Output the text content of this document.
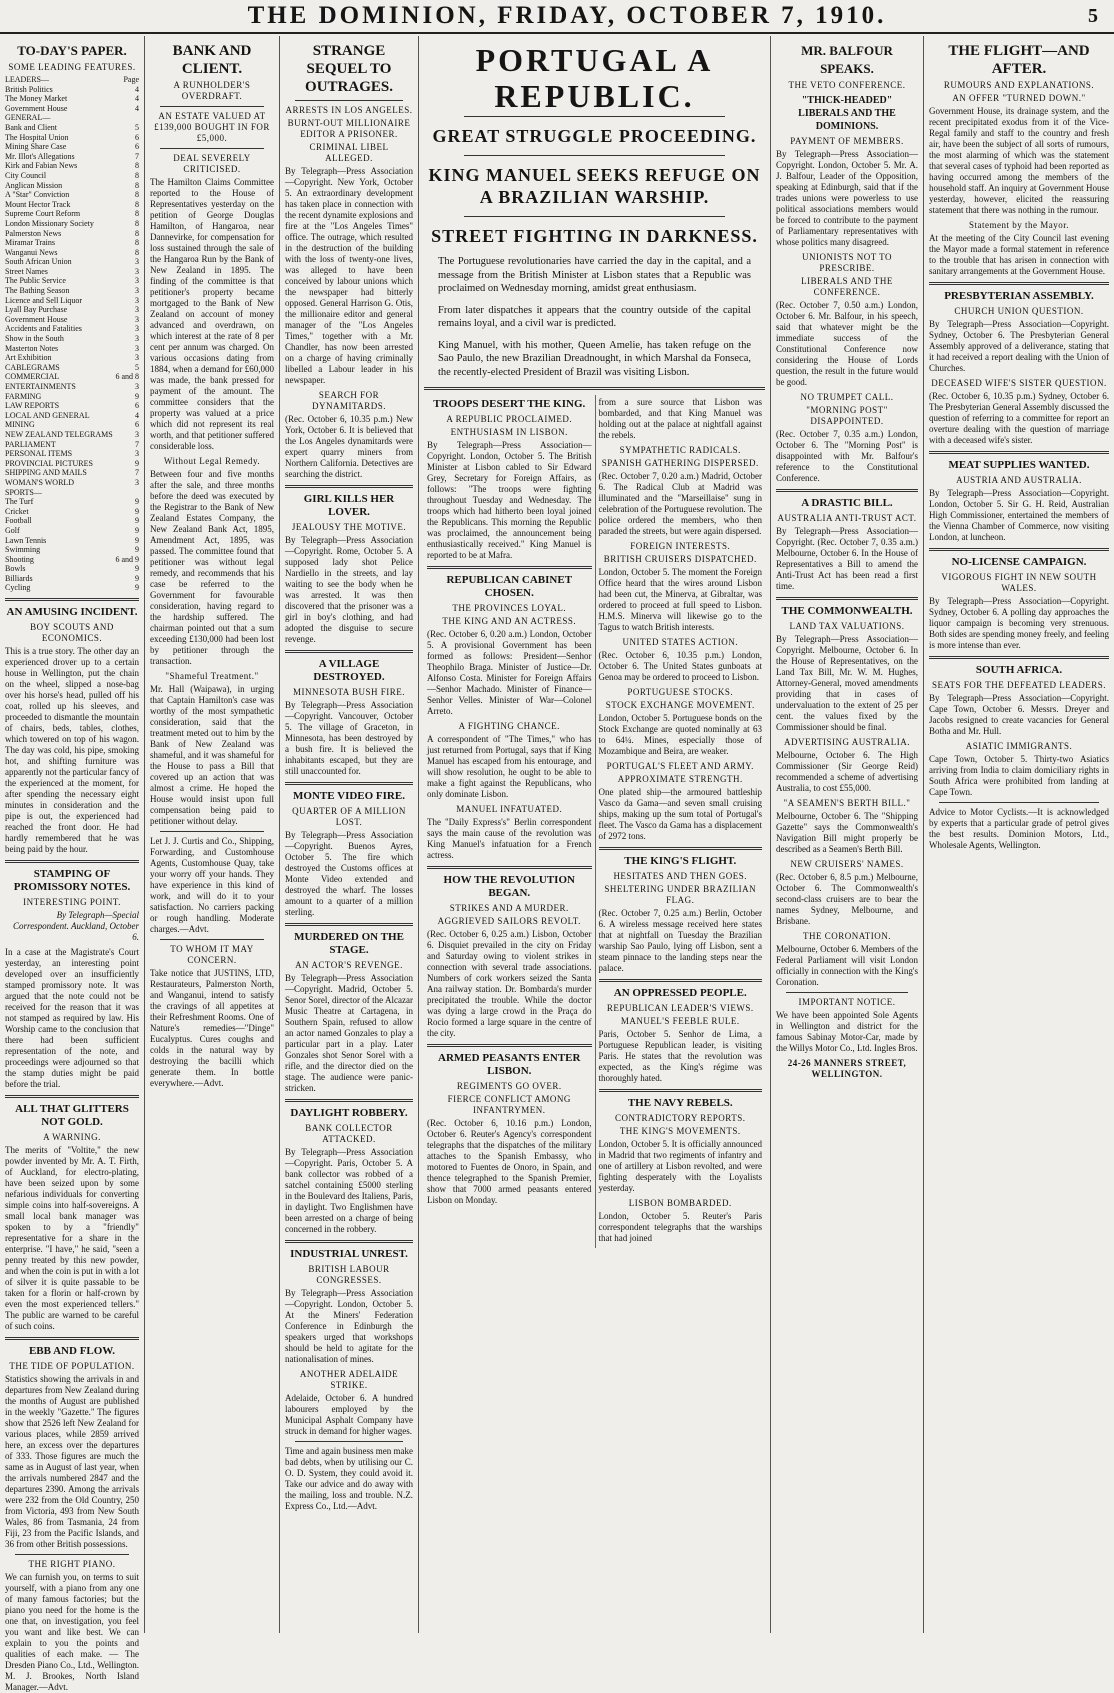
THE DOMINION, FRIDAY, OCTOBER 7, 1910.	5
TO-DAY'S PAPER.
SOME LEADING FEATURES.
LEADERS—	Page
British Politics	4
The Money Market	4
Government House	4
GENERAL—
Bank and Client	5
The Hospital Union	6
Mining Share Case	6
Mr. Illot's Allegations	7
Kirk and Fabian News	8
City Council	8
Anglican Mission	8
A "Star" Conviction	8
Mount Hector Track	8
Supreme Court Reform	8
London Missionary Society	8
Palmerston News	8
Miramar Trains	8
Wanganui News	8
South African Union	3
Street Names	3
The Public Service	3
The Bathing Season	3
Licence and Sell Liquor	3
Lyall Bay Purchase	3
Government House	3
Accidents and Fatalities	3
Show in the South	3
Masterton Notes	3
Art Exhibition	3
CABLEGRAMS	5
COMMERCIAL	6 and 8
ENTERTAINMENTS	3
FARMING	9
LAW REPORTS	6
LOCAL AND GENERAL	4
MINING	6
NEW ZEALAND TELEGRAMS	3
PARLIAMENT	7
PERSONAL ITEMS	3
PROVINCIAL PICTURES	9
SHIPPING AND MAILS	7
WOMAN'S WORLD	3
SPORTS—
The Turf	9
Cricket	9
Football	9
Golf	9
Lawn Tennis	9
Swimming	9
Shooting	6 and 9
Bowls	9
Billiards	9
Cycling	9
AN AMUSING INCIDENT.
BOY SCOUTS AND ECONOMICS.
This is a true story. The other day an experienced drover up to a certain house in Wellington, put the chain on the wheel, slipped a nose-bag over his horse's head, pulled off his coat, rolled up his sleeves, and proceeded to dismantle the mountain of chairs, beds, tables, clothes, which towered on top of his wagon. The day was cold, his pipe, smoking hot, and shifting furniture was apparently not the particular fancy of the experienced at the moment, for after spending the necessary eight minutes in consideration and the pipe is out, the experienced had reached the front door. He had hardly remembered that he was being paid by the hour.
STAMPING OF PROMISSORY NOTES.
INTERESTING POINT.
By Telegraph—Special Correspondent. Auckland, October 6.
In a case at the Magistrate's Court yesterday, an interesting point developed over an insufficiently stamped promissory note. It was argued that the note could not be received for the reason that it was not stamped as required by law. His Worship came to the conclusion that there had been sufficient representation of the note, and proceedings were adjourned so that the stamp duties might be paid before the trial.
ALL THAT GLITTERS NOT GOLD.
A WARNING.
The merits of "Voltite," the new powder invented by Mr. A. T. Firth, of Auckland, for electro-plating, have been seized upon by some nefarious individuals for converting simple coins into half-sovereigns. A small local bank manager was spoken to by a "friendly" representative for a share in the enterprise. "I have," he said, "seen a penny treated by this new powder, and when the coin is put in with a lot of silver it is quite passable to be taken for a florin or half-crown by even the most experienced tellers." The public are warned to be careful of such coins.
EBB AND FLOW.
THE TIDE OF POPULATION.
Statistics showing the arrivals in and departures from New Zealand during the months of August are published in the weekly "Gazette." The figures show that 2526 left New Zealand for various places, while 2859 arrived here, an excess over the departures of 333. Those figures are much the same as in August of last year, when the arrivals numbered 2847 and the departures 2390. Among the arrivals were 232 from the Old Country, 250 from Victoria, 493 from New South Wales, 86 from Tasmania, 24 from Fiji, 23 from the Pacific Islands, and 36 from other British possessions.
THE RIGHT PIANO.
We can furnish you, on terms to suit yourself, with a piano from any one of many famous factories; but the piano you need for the home is the one that, on investigation, you feel you want and like best. We can explain to you the points and qualities of each make. — The Dresden Piano Co., Ltd., Wellington. M. J. Brookes, North Island Manager.—Advt.
BANK AND CLIENT.
A RUNHOLDER'S OVERDRAFT.
AN ESTATE VALUED AT £139,000 BOUGHT IN FOR £5,000.
DEAL SEVERELY CRITICISED.
The Hamilton Claims Committee reported to the House of Representatives yesterday on the petition of George Douglas Hamilton, of Hangaroa, near Dannevirke, for compensation for loss sustained through the sale of the Hangaroa Run by the Bank of New Zealand in 1895. The finding of the committee is that petitioner's property became mortgaged to the Bank of New Zealand on account of money advanced and overdrawn, on which interest at the rate of 8 per cent per annum was charged. On various occasions dating from 1884, when a demand for £60,000 was made, the bank pressed for payment of the amount. The committee considers that the property was valued at a price which did not represent its real worth, and that petitioner suffered considerable loss.
Without Legal Remedy.
Between four and five months after the sale, and three months before the deed was executed by the Registrar to the Bank of New Zealand Estates Company, the New Zealand Bank Act, 1895, Amendment Act, 1895, was passed. The committee found that petitioner was without legal remedy, and recommends that his case be referred to the Government for favourable consideration, having regard to the hardship suffered. The chairman pointed out that a sum exceeding £130,000 had been lost by petitioner through the transaction.
"Shameful Treatment."
Mr. Hall (Waipawa), in urging that Captain Hamilton's case was worthy of the most sympathetic consideration, said that the treatment meted out to him by the Bank of New Zealand was shameful, and it was shameful for the House to pass a Bill that covered up an action that was almost a crime. He hoped the House would insist upon full compensation being paid to petitioner without delay.
Let J. J. Curtis and Co., Shipping, Forwarding, and Customhouse Agents, Customhouse Quay, take your worry off your hands. They have experience in this kind of work, and will do it to your satisfaction. No carriers packing or rough handling. Moderate charges.—Advt.
TO WHOM IT MAY CONCERN.
Take notice that JUSTINS, LTD, Restaurateurs, Palmerston North, and Wanganui, intend to satisfy the cravings of all appetites at their Refreshment Rooms. One of Nature's remedies—"Dinge" Eucalyptus. Cures coughs and colds in the natural way by destroying the bacilli which generate them. In bottle everywhere.—Advt.
STRANGE SEQUEL TO OUTRAGES.
ARRESTS IN LOS ANGELES.
BURNT-OUT MILLIONAIRE EDITOR A PRISONER.
CRIMINAL LIBEL ALLEGED.
By Telegraph—Press Association—Copyright. New York, October 5. An extraordinary development has taken place in connection with the recent dynamite explosions and fire at the "Los Angeles Times" office. The outrage, which resulted in the destruction of the building with the loss of twenty-one lives, was alleged to have been conceived by labour unions which the newspaper had bitterly opposed. General Harrison G. Otis, the millionaire editor and general manager of the "Los Angeles Times," together with a Mr. Chandler, has now been arrested on a charge of having criminally libelled a Labour leader in his newspaper.
SEARCH FOR DYNAMITARDS.
(Rec. October 6, 10.35 p.m.) New York, October 6. It is believed that the Los Angeles dynamitards were expert quarry miners from Northern California. Detectives are searching the district.
GIRL KILLS HER LOVER.
JEALOUSY THE MOTIVE.
By Telegraph—Press Association—Copyright. Rome, October 5. A supposed lady shot Pelice Nardiello in the streets, and lay waiting to see the body when he was arrested. It was then discovered that the prisoner was a girl in boy's clothing, and had adopted the disguise to secure revenge.
A VILLAGE DESTROYED.
MINNESOTA BUSH FIRE.
By Telegraph—Press Association—Copyright. Vancouver, October 5. The village of Graceton, in Minnesota, has been destroyed by a bush fire. It is believed the inhabitants escaped, but they are still unaccounted for.
MONTE VIDEO FIRE.
QUARTER OF A MILLION LOST.
By Telegraph—Press Association—Copyright. Buenos Ayres, October 5. The fire which destroyed the Customs offices at Monte Video extended and destroyed the wharf. The losses amount to a quarter of a million sterling.
MURDERED ON THE STAGE.
AN ACTOR'S REVENGE.
By Telegraph—Press Association—Copyright. Madrid, October 5. Senor Sorel, director of the Alcazar Music Theatre at Cartagena, in Southern Spain, refused to allow an actor named Gonzales to play a particular part in a play. Later Gonzales shot Senor Sorel with a rifle, and the director died on the stage. The audience were panic-stricken.
DAYLIGHT ROBBERY.
BANK COLLECTOR ATTACKED.
By Telegraph—Press Association—Copyright. Paris, October 5. A bank collector was robbed of a satchel containing £5000 sterling in the Boulevard des Italiens, Paris, in daylight. Two Englishmen have been arrested on a charge of being concerned in the robbery.
INDUSTRIAL UNREST.
BRITISH LABOUR CONGRESSES.
By Telegraph—Press Association—Copyright. London, October 5. At the Miners' Federation Conference in Edinburgh the speakers urged that workshops should be held to agitate for the nationalisation of mines.
ANOTHER ADELAIDE STRIKE.
Adelaide, October 6. A hundred labourers employed by the Municipal Asphalt Company have struck in demand for higher wages.
Time and again business men make bad debts, when by utilising our C. O. D. System, they could avoid it. Take our advice and do away with the mailing, loss and trouble. N.Z. Express Co., Ltd.—Advt.
PORTUGAL A REPUBLIC.
GREAT STRUGGLE PROCEEDING.
KING MANUEL SEEKS REFUGE ON A BRAZILIAN WARSHIP.
STREET FIGHTING IN DARKNESS.
The Portuguese revolutionaries have carried the day in the capital, and a message from the British Minister at Lisbon states that a Republic was proclaimed on Wednesday morning, amidst great enthusiasm.
From later dispatches it appears that the country outside of the capital remains loyal, and a civil war is predicted.
King Manuel, with his mother, Queen Amelie, has taken refuge on the Sao Paulo, the new Brazilian Dreadnought, in which Marshal da Fonseca, the recently-elected President of Brazil was visiting Lisbon.
TROOPS DESERT THE KING.
A REPUBLIC PROCLAIMED.
ENTHUSIASM IN LISBON.
By Telegraph—Press Association—Copyright. London, October 5. The British Minister at Lisbon cabled to Sir Edward Grey, Secretary for Foreign Affairs, as follows: "The troops were fighting throughout Tuesday and Wednesday. The troops which had hitherto been loyal joined the Republicans. This morning the Republic was proclaimed, the announcement being enthusiastically received." King Manuel is reported to be at Mafra.
REPUBLICAN CABINET CHOSEN.
THE PROVINCES LOYAL.
THE KING AND AN ACTRESS.
(Rec. October 6, 0.20 a.m.) London, October 5. A provisional Government has been formed as follows: President—Senhor Theophilo Braga. Minister of Justice—Dr. Alfonso Costa. Minister for Foreign Affairs—Senhor Machado. Minister of Finance—Senhor Velles. Minister of War—Colonel Arreto.
A FIGHTING CHANCE.
A correspondent of "The Times," who has just returned from Portugal, says that if King Manuel has escaped from his entourage, and will show resolution, he ought to be able to make a fight against the Republicans, who only dominate Lisbon.
MANUEL INFATUATED.
The "Daily Express's" Berlin correspondent says the main cause of the revolution was King Manuel's infatuation for a French actress.
HOW THE REVOLUTION BEGAN.
STRIKES AND A MURDER.
AGGRIEVED SAILORS REVOLT.
(Rec. October 6, 0.25 a.m.) Lisbon, October 6. Disquiet prevailed in the city on Friday and Saturday owing to violent strikes in connection with several trade associations. Numbers of cork workers seized the Santa Ana railway station. Dr. Bombarda's murder precipitated the trouble. While the doctor was dying a large crowd in the Praça do Rocio formed a large square in the centre of the city.
ARMED PEASANTS ENTER LISBON.
REGIMENTS GO OVER.
FIERCE CONFLICT AMONG INFANTRYMEN.
(Rec. October 6, 10.16 p.m.) London, October 6. Reuter's Agency's correspondent telegraphs that the dispatches of the military attaches to the Spanish Embassy, who motored to Fuentes de Onoro, in Spain, and thence telegraphed to the Spanish Premier, show that 7000 armed peasants entered Lisbon on Monday.
from a sure source that Lisbon was bombarded, and that King Manuel was holding out at the palace at nightfall against the rebels.
SYMPATHETIC RADICALS.
SPANISH GATHERING DISPERSED.
(Rec. October 7, 0.20 a.m.) Madrid, October 6. The Radical Club at Madrid was illuminated and the "Marseillaise" sung in celebration of the Portuguese revolution. The police ordered the members, who then paraded the streets, but were again dispersed.
FOREIGN INTERESTS.
BRITISH CRUISERS DISPATCHED.
London, October 5. The moment the Foreign Office heard that the wires around Lisbon had been cut, the Minerva, at Gibraltar, was ordered to proceed at full speed to Lisbon. H.M.S. Minerva will likewise go to the Tagus to watch British interests.
UNITED STATES ACTION.
(Rec. October 6, 10.35 p.m.) London, October 6. The United States gunboats at Genoa may be ordered to proceed to Lisbon.
PORTUGUESE STOCKS.
STOCK EXCHANGE MOVEMENT.
London, October 5. Portuguese bonds on the Stock Exchange are quoted nominally at 63 to 64¼. Mines, especially those of Mozambique and Beira, are weaker.
PORTUGAL'S FLEET AND ARMY.
APPROXIMATE STRENGTH.
One plated ship—the armoured battleship Vasco da Gama—and seven small cruising ships, making up the sum total of Portugal's fleet. The Vasco da Gama has a displacement of 2972 tons.
THE KING'S FLIGHT.
HESITATES AND THEN GOES.
SHELTERING UNDER BRAZILIAN FLAG.
(Rec. October 7, 0.25 a.m.) Berlin, October 6. A wireless message received here states that at nightfall on Tuesday the Brazilian warship Sao Paulo, lying off Lisbon, sent a steam pinnace to the landing steps near the palace.
AN OPPRESSED PEOPLE.
REPUBLICAN LEADER'S VIEWS.
MANUEL'S FEEBLE RULE.
Paris, October 5. Senhor de Lima, a Portuguese Republican leader, is visiting Paris. He states that the revolution was expected, as the King's régime was thoroughly hated.
THE NAVY REBELS.
CONTRADICTORY REPORTS.
THE KING'S MOVEMENTS.
London, October 5. It is officially announced in Madrid that two regiments of infantry and one of artillery at Lisbon revolted, and were fighting desperately with the Loyalists yesterday.
LISBON BOMBARDED.
London, October 5. Reuter's Paris correspondent telegraphs that the warships that had joined
MR. BALFOUR SPEAKS.
THE VETO CONFERENCE.
"THICK-HEADED" LIBERALS AND THE DOMINIONS.
PAYMENT OF MEMBERS.
By Telegraph—Press Association—Copyright. London, October 5. Mr. A. J. Balfour, Leader of the Opposition, speaking at Edinburgh, said that if the trades unions were powerless to use political associations members would be forced to contribute to the payment of Parliamentary representatives with whose politics many disagreed.
UNIONISTS NOT TO PRESCRIBE.
LIBERALS AND THE CONFERENCE.
(Rec. October 7, 0.50 a.m.) London, October 6. Mr. Balfour, in his speech, said that whatever might be the immediate success of the Constitutional Conference now considering the House of Lords question, the result in the future would be good.
NO TRUMPET CALL.
"MORNING POST" DISAPPOINTED.
(Rec. October 7, 0.35 a.m.) London, October 6. The "Morning Post" is disappointed with Mr. Balfour's reference to the Constitutional Conference.
A DRASTIC BILL.
AUSTRALIA ANTI-TRUST ACT.
By Telegraph—Press Association—Copyright. (Rec. October 7, 0.35 a.m.) Melbourne, October 6. In the House of Representatives a Bill to amend the Anti-Trust Act has been read a first time.
THE COMMONWEALTH.
LAND TAX VALUATIONS.
By Telegraph—Press Association—Copyright. Melbourne, October 6. In the House of Representatives, on the Land Tax Bill, Mr. W. M. Hughes, Attorney-General, moved amendments providing that in cases of undervaluation to the extent of 25 per cent. the values fixed by the Commissioner should be final.
ADVERTISING AUSTRALIA.
Melbourne, October 6. The High Commissioner (Sir George Reid) recommended a scheme of advertising Australia, to cost £55,000.
"A SEAMEN'S BERTH BILL."
Melbourne, October 6. The "Shipping Gazette" says the Commonwealth's Navigation Bill might properly be described as a Seamen's Berth Bill.
NEW CRUISERS' NAMES.
(Rec. October 6, 8.5 p.m.) Melbourne, October 6. The Commonwealth's second-class cruisers are to bear the names Sydney, Melbourne, and Brisbane.
THE CORONATION.
Melbourne, October 6. Members of the Federal Parliament will visit London officially in connection with the King's Coronation.
IMPORTANT NOTICE.
We have been appointed Sole Agents in Wellington and district for the famous Sabinay Motor-Car, made by the Willys Motor Co., Ltd. Ingles Bros.
24-26 MANNERS STREET, WELLINGTON.
THE FLIGHT—AND AFTER.
RUMOURS AND EXPLANATIONS.
AN OFFER "TURNED DOWN."
Government House, its drainage system, and the recent precipitated exodus from it of the Vice-Regal family and staff to the country and fresh air, have been the subject of all sorts of rumours, the most alarming of which was the statement that several cases of typhoid had been reported as having occurred among the members of the household staff. An inquiry at Government House yesterday, however, elicited the reassuring statement that there was nothing in the rumour.
Statement by the Mayor.
At the meeting of the City Council last evening the Mayor made a formal statement in reference to the trouble that has arisen in connection with sanitary arrangements at the Government House.
PRESBYTERIAN ASSEMBLY.
CHURCH UNION QUESTION.
By Telegraph—Press Association—Copyright. Sydney, October 6. The Presbyterian General Assembly approved of a deliverance, stating that it had received a report dealing with the Union of Churches.
DECEASED WIFE'S SISTER QUESTION.
(Rec. October 6, 10.35 p.m.) Sydney, October 6. The Presbyterian General Assembly discussed the question of referring to a committee for report an overture dealing with the question of marriage with a deceased wife's sister.
MEAT SUPPLIES WANTED.
AUSTRIA AND AUSTRALIA.
By Telegraph—Press Association—Copyright. London, October 5. Sir G. H. Reid, Australian High Commissioner, entertained the members of the Vienna Chamber of Commerce, now visiting London, at luncheon.
NO-LICENSE CAMPAIGN.
VIGOROUS FIGHT IN NEW SOUTH WALES.
By Telegraph—Press Association—Copyright. Sydney, October 6. A polling day approaches the liquor campaign is becoming very strenuous. Both sides are spending money freely, and feeling is more intense than ever.
SOUTH AFRICA.
SEATS FOR THE DEFEATED LEADERS.
By Telegraph—Press Association—Copyright. Cape Town, October 6. Messrs. Dreyer and Jacobs resigned to create vacancies for General Botha and Mr. Hull.
ASIATIC IMMIGRANTS.
Cape Town, October 5. Thirty-two Asiatics arriving from India to claim domiciliary rights in South Africa were prohibited from landing at Cape Town.
Advice to Motor Cyclists.—It is acknowledged by experts that a particular grade of petrol gives the best results. Dominion Motors, Ltd., Wholesale Agents, Wellington.
